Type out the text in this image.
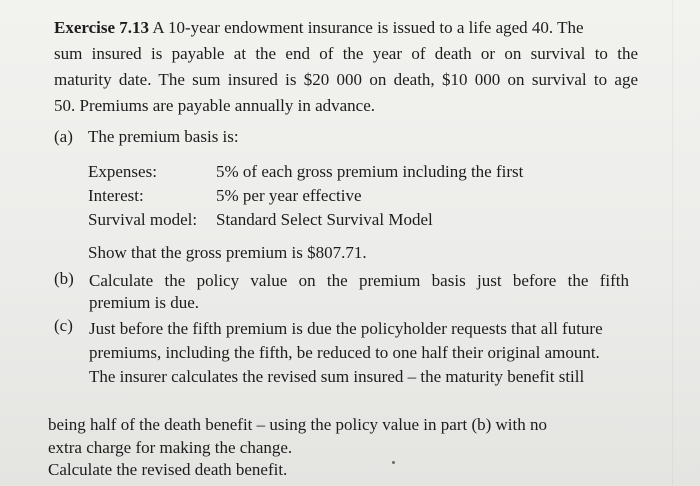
Exercise 7.13 A 10-year endowment insurance is issued to a life aged 40. The
sum insured is payable at the end of the year of death or on survival to the
maturity date. The sum insured is $20 000 on death, $10 000 on survival to age
50. Premiums are payable annually in advance.
(a) The premium basis is:
Expenses:	5% of each gross premium including the first
Interest:	5% per year effective
Survival model: Standard Select Survival Model
Show that the gross premium is $807.71.
(b) Calculate the policy value on the premium basis just before the fifth
premium is due.
(c) Just before the fifth premium is due the policyholder requests that all future
premiums, including the fifth, be reduced to one half their original amount.
The insurer calculates the revised sum insured – the maturity benefit still
being half of the death benefit – using the policy value in part (b) with no
extra charge for making the change.
Calculate the revised death benefit.
